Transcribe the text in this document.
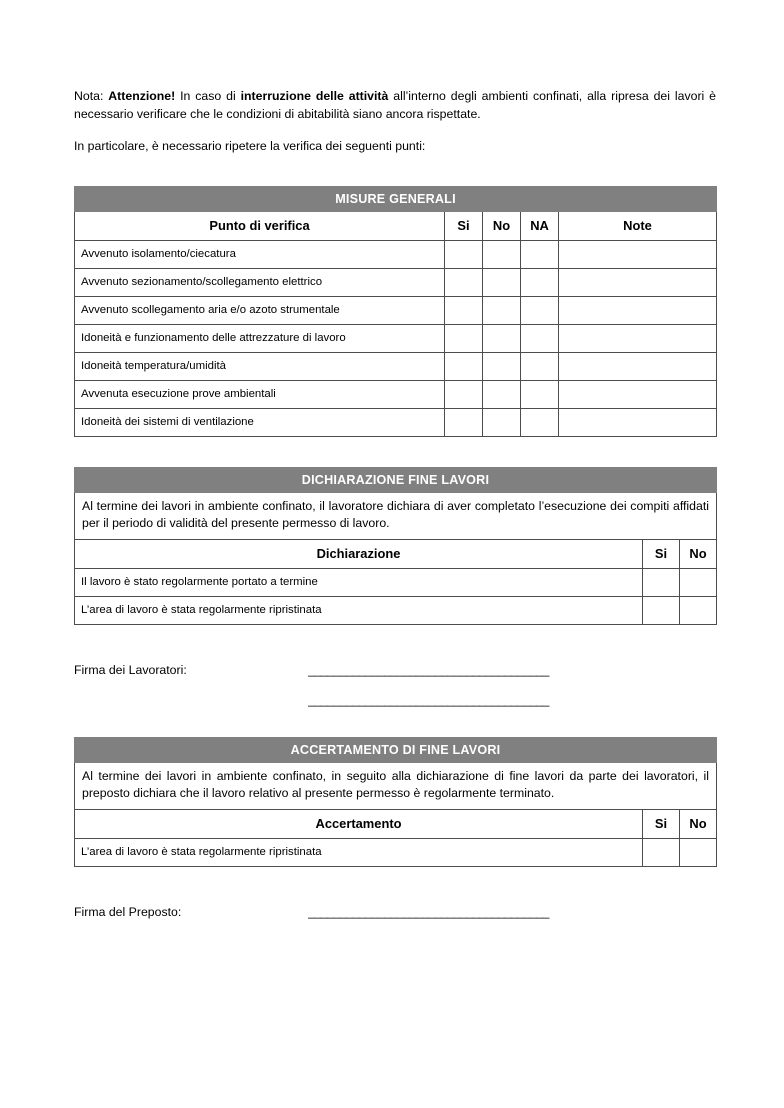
Nota: Attenzione! In caso di interruzione delle attività all’interno degli ambienti confinati, alla ripresa dei lavori è necessario verificare che le condizioni di abitabilità siano ancora rispettate.

In particolare, è necessario ripetere la verifica dei seguenti punti:

MISURE GENERALI				
Punto di verifica	Si	No	NA	Note
Avvenuto isolamento/ciecatura				
Avvenuto sezionamento/scollegamento elettrico				
Avvenuto scollegamento aria e/o azoto strumentale				
Idoneità e funzionamento delle attrezzature di lavoro				
Idoneità temperatura/umidità				
Avvenuta esecuzione prove ambientali				
Idoneità dei sistemi di ventilazione				
DICHIARAZIONE FINE LAVORI		
Al termine dei lavori in ambiente confinato, il lavoratore dichiara di aver completato l’esecuzione dei compiti affidati per il periodo di validità del presente permesso di lavoro.		
Dichiarazione	Si	No
Il lavoro è stato regolarmente portato a termine		
L’area di lavoro è stata regolarmente ripristinata		
Firma dei Lavoratori:	______________________________________
______________________________________
ACCERTAMENTO DI FINE LAVORI		
Al termine dei lavori in ambiente confinato, in seguito alla dichiarazione di fine lavori da parte dei lavoratori, il preposto dichiara che il lavoro relativo al presente permesso è regolarmente terminato.		
Accertamento	Si	No
L’area di lavoro è stata regolarmente ripristinata		
Firma del Preposto:	______________________________________
